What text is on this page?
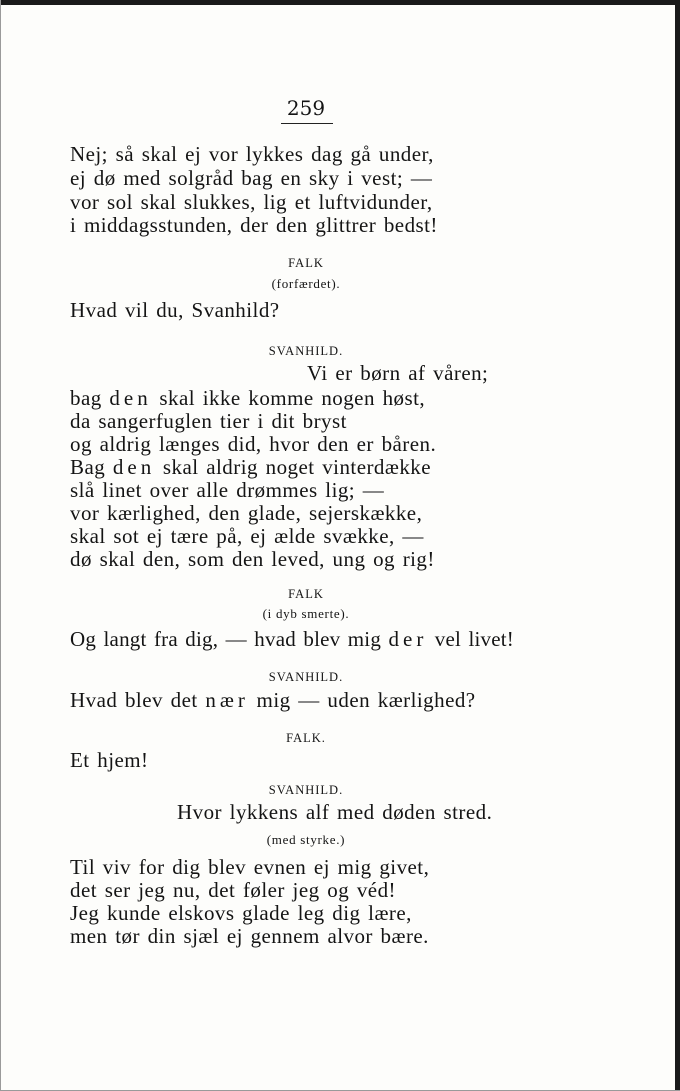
259
Nej; så skal ej vor lykkes dag gå under,
ej dø med solgråd bag en sky i vest; —
vor sol skal slukkes, lig et luftvidunder,
i middagsstunden, der den glittrer bedst!
FALK
(forfærdet).
Hvad vil du, Svanhild?
SVANHILD.
Vi er børn af våren;
bag den skal ikke komme nogen høst,
da sangerfuglen tier i dit bryst
og aldrig længes did, hvor den er båren.
Bag den skal aldrig noget vinterdække
slå linet over alle drømmes lig; —
vor kærlighed, den glade, sejerskække,
skal sot ej tære på, ej ælde svække, —
dø skal den, som den leved, ung og rig!
FALK
(i dyb smerte).
Og langt fra dig, — hvad blev mig der vel livet!
SVANHILD.
Hvad blev det nær mig — uden kærlighed?
FALK.
Et hjem!
SVANHILD.
Hvor lykkens alf med døden stred.
(med styrke.)
Til viv for dig blev evnen ej mig givet,
det ser jeg nu, det føler jeg og véd!
Jeg kunde elskovs glade leg dig lære,
men tør din sjæl ej gennem alvor bære.
